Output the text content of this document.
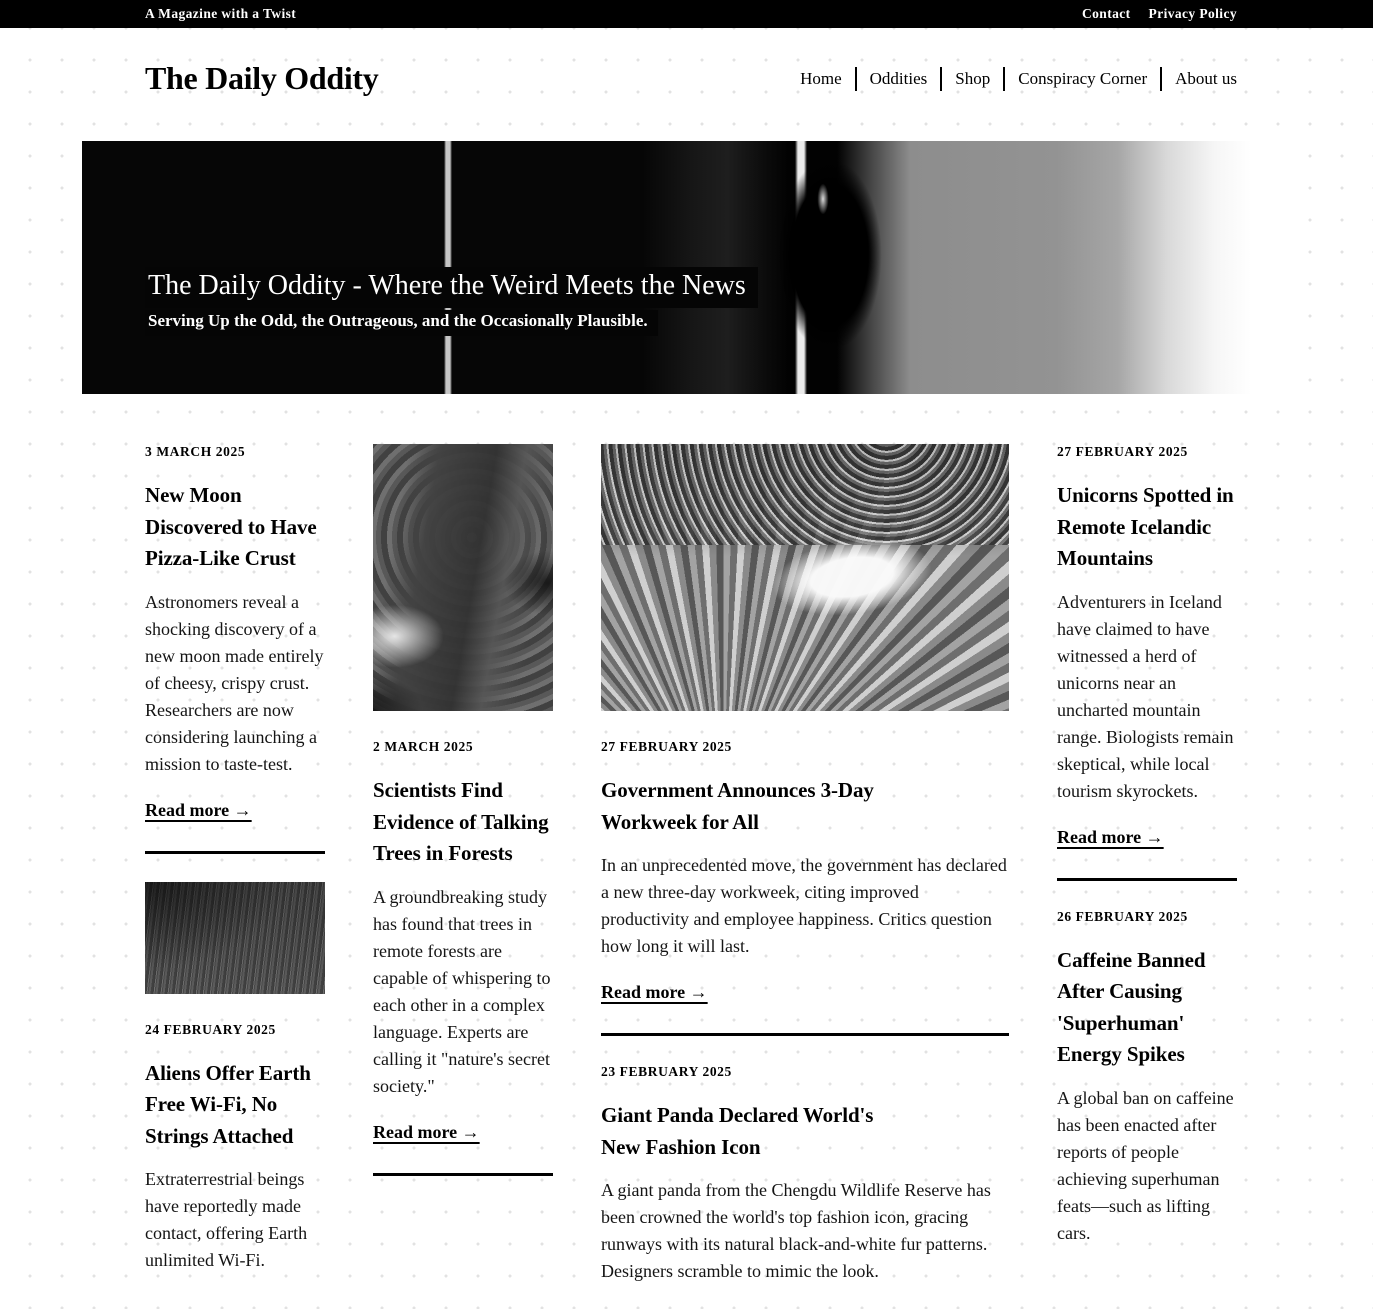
A Magazine with a Twist	Contact Privacy Policy
The Daily Oddity	Home Oddities Shop Conspiracy Corner About us
The Daily Oddity - Where the Weird Meets the News

Serving Up the Odd, the Outrageous, and the Occasionally Plausible.

3 MARCH 2025
New Moon Discovered to Have Pizza-Like Crust

Astronomers reveal a shocking discovery of a new moon made entirely of cheesy, crispy crust. Researchers are now considering launching a mission to taste-test.

Read more →
24 FEBRUARY 2025
Aliens Offer Earth Free Wi-Fi, No Strings Attached

Extraterrestrial beings have reportedly made contact, offering Earth unlimited Wi-Fi.

2 MARCH 2025
Scientists Find Evidence of Talking Trees in Forests

A groundbreaking study has found that trees in remote forests are capable of whispering to each other in a complex language. Experts are calling it "nature's secret society."

Read more →
27 FEBRUARY 2025
Government Announces 3-Day Workweek for All

In an unprecedented move, the government has declared a new three-day workweek, citing improved productivity and employee happiness. Critics question how long it will last.

Read more →
23 FEBRUARY 2025
Giant Panda Declared World's New Fashion Icon

A giant panda from the Chengdu Wildlife Reserve has been crowned the world's top fashion icon, gracing runways with its natural black-and-white fur patterns. Designers scramble to mimic the look.

27 FEBRUARY 2025
Unicorns Spotted in Remote Icelandic Mountains

Adventurers in Iceland have claimed to have witnessed a herd of unicorns near an uncharted mountain range. Biologists remain skeptical, while local tourism skyrockets.

Read more →
26 FEBRUARY 2025
Caffeine Banned After Causing 'Superhuman' Energy Spikes

A global ban on caffeine has been enacted after reports of people achieving superhuman feats—such as lifting cars.
